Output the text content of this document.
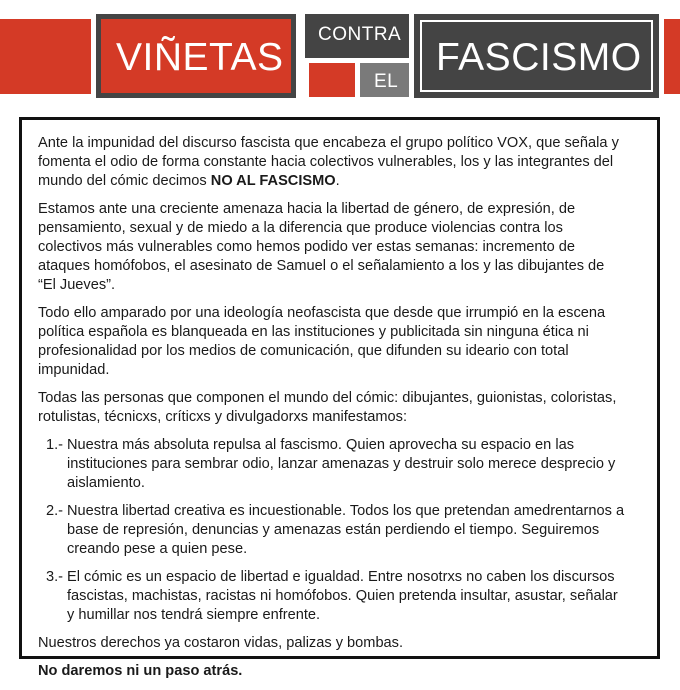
VIÑETAS
CONTRA
EL
FASCISMO

Ante la impunidad del discurso fascista que encabeza el grupo político VOX, que señala y fomenta el odio de forma constante hacia colectivos vulnerables, los y las integrantes del mundo del cómic decimos NO AL FASCISMO.

Estamos ante una creciente amenaza hacia la libertad de género, de expresión, de pensamiento, sexual y de miedo a la diferencia que produce violencias contra los colectivos más vulnerables como hemos podido ver estas semanas: incremento de ataques homófobos, el asesinato de Samuel o el señalamiento a los y las dibujantes de “El Jueves”.

Todo ello amparado por una ideología neofascista que desde que irrumpió en la escena política española es blanqueada en las instituciones y publicitada sin ninguna ética ni profesionalidad por los medios de comunicación, que difunden su ideario con total impunidad.

Todas las personas que componen el mundo del cómic: dibujantes, guionistas, coloristas, rotulistas, técnicxs, críticxs y divulgadorxs manifestamos:

1.- Nuestra más absoluta repulsa al fascismo. Quien aprovecha su espacio en las instituciones para sembrar odio, lanzar amenazas y destruir solo merece desprecio y aislamiento.
2.- Nuestra libertad creativa es incuestionable. Todos los que pretendan amedrentarnos a base de represión, denuncias y amenazas están perdiendo el tiempo. Seguiremos creando pese a quien pese.
3.- El cómic es un espacio de libertad e igualdad. Entre nosotrxs no caben los discursos fascistas, machistas, racistas ni homófobos. Quien pretenda insultar, asustar, señalar y humillar nos tendrá siempre enfrente.

Nuestros derechos ya costaron vidas, palizas y bombas.

No daremos ni un paso atrás.
